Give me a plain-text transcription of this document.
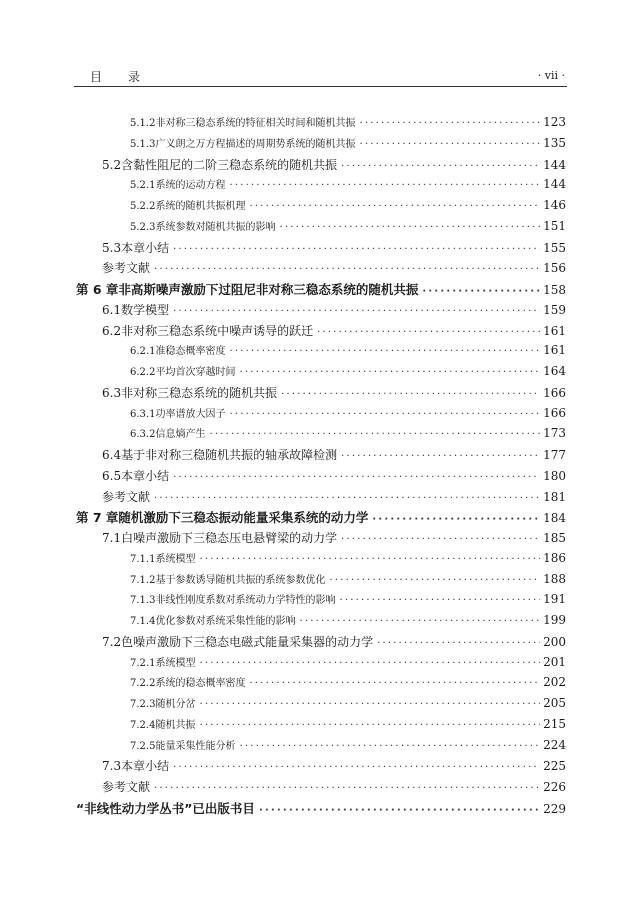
目录	· vii ·
5.1.2 非对称三稳态系统的特征相关时间和随机共振 ·····	123
5.1.3 广义朗之万方程描述的周期势系统的随机共振 ·····	135
5.2 含黏性阻尼的二阶三稳态系统的随机共振 ·····	144
5.2.1 系统的运动方程 ·····	144
5.2.2 系统的随机共振机理 ·····	146
5.2.3 系统参数对随机共振的影响 ·····	151
5.3 本章小结 ·····	155
参考文献 ·····	156
第 6 章 非高斯噪声激励下过阻尼非对称三稳态系统的随机共振 ·····	158
6.1 数学模型 ·····	159
6.2 非对称三稳态系统中噪声诱导的跃迁 ·····	161
6.2.1 准稳态概率密度 ·····	161
6.2.2 平均首次穿越时间 ·····	164
6.3 非对称三稳态系统的随机共振 ·····	166
6.3.1 功率谱放大因子 ·····	166
6.3.2 信息熵产生 ·····	173
6.4 基于非对称三稳随机共振的轴承故障检测 ·····	177
6.5 本章小结 ·····	180
参考文献 ·····	181
第 7 章 随机激励下三稳态振动能量采集系统的动力学 ·····	184
7.1 白噪声激励下三稳态压电悬臂梁的动力学 ·····	185
7.1.1 系统模型 ·····	186
7.1.2 基于参数诱导随机共振的系统参数优化 ·····	188
7.1.3 非线性刚度系数对系统动力学特性的影响 ·····	191
7.1.4 优化参数对系统采集性能的影响 ·····	199
7.2 色噪声激励下三稳态电磁式能量采集器的动力学 ·····	200
7.2.1 系统模型 ·····	201
7.2.2 系统的稳态概率密度 ·····	202
7.2.3 随机分岔 ·····	205
7.2.4 随机共振 ·····	215
7.2.5 能量采集性能分析 ·····	224
7.3 本章小结 ·····	225
参考文献 ·····	226
“非线性动力学丛书”已出版书目 ·····	229
